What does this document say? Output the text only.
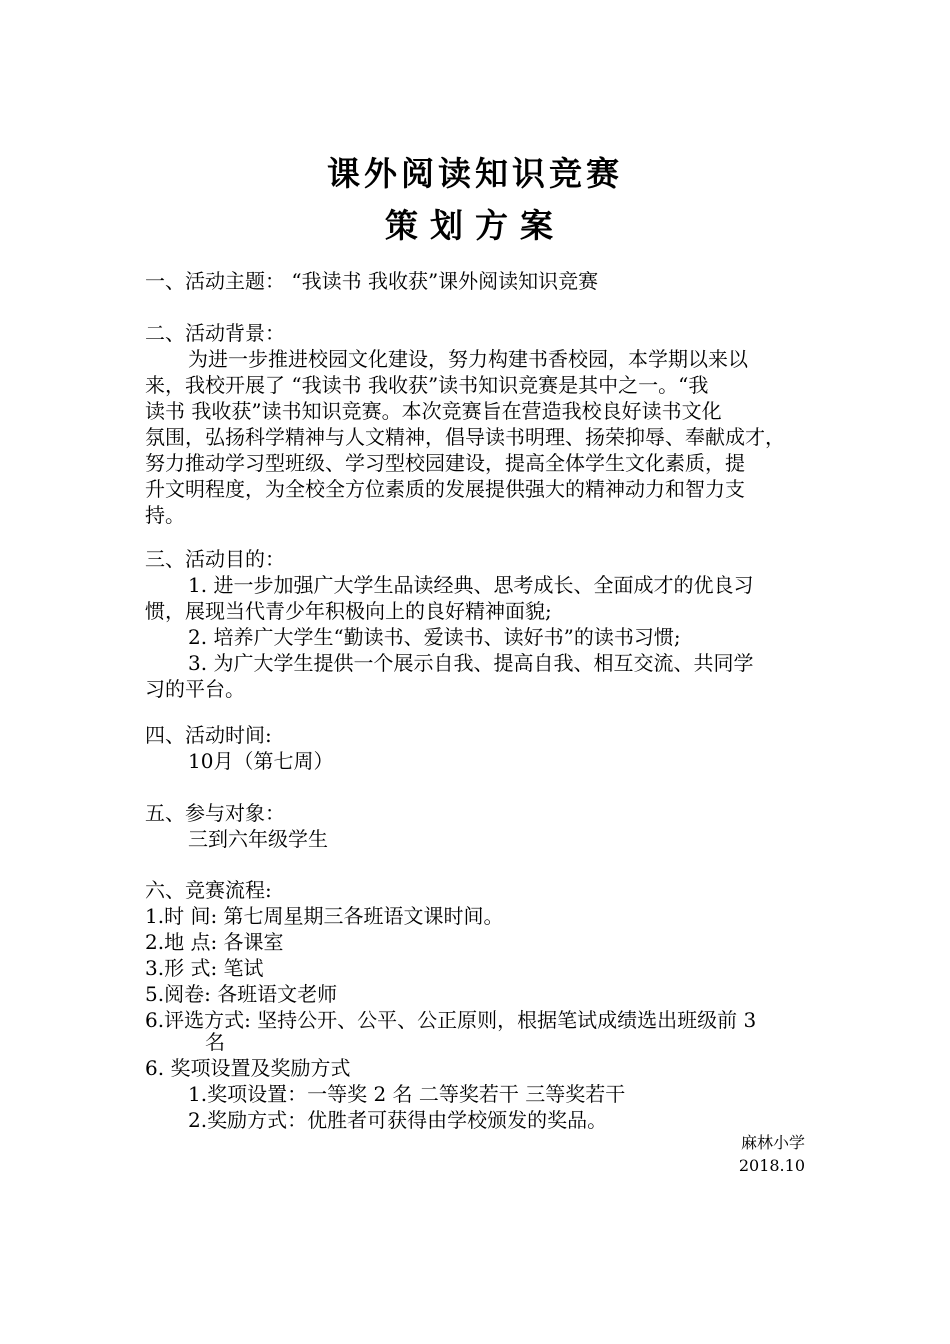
课外阅读知识竞赛
策划方案
一、活动主题： “我读书 我收获”课外阅读知识竞赛
二、活动背景：
为进一步推进校园文化建设，努力构建书香校园，本学期以来以
来，我校开展了 “我读书 我收获”读书知识竞赛是其中之一。“我
读书 我收获”读书知识竞赛。本次竞赛旨在营造我校良好读书文化
氛围，弘扬科学精神与人文精神，倡导读书明理、扬荣抑辱、奉献成才，
努力推动学习型班级、学习型校园建设，提高全体学生文化素质，提
升文明程度，为全校全方位素质的发展提供强大的精神动力和智力支
持。
三、活动目的：
1. 进一步加强广大学生品读经典、思考成长、全面成才的优良习
惯，展现当代青少年积极向上的良好精神面貌;
2. 培养广大学生“勤读书、爱读书、读好书”的读书习惯;
3. 为广大学生提供一个展示自我、提高自我、相互交流、共同学
习的平台。
四、活动时间:
10月（第七周）
五、参与对象：
三到六年级学生
六、竞赛流程:
1.时 间: 第七周星期三各班语文课时间。
2.地 点: 各课室
3.形 式: 笔试
5.阅卷: 各班语文老师
6.评选方式: 坚持公开、公平、公正原则，根据笔试成绩选出班级前 3
名
6. 奖项设置及奖励方式
1.奖项设置：一等奖 2 名 二等奖若干 三等奖若干
2.奖励方式：优胜者可获得由学校颁发的奖品。
麻林小学
2018.10
